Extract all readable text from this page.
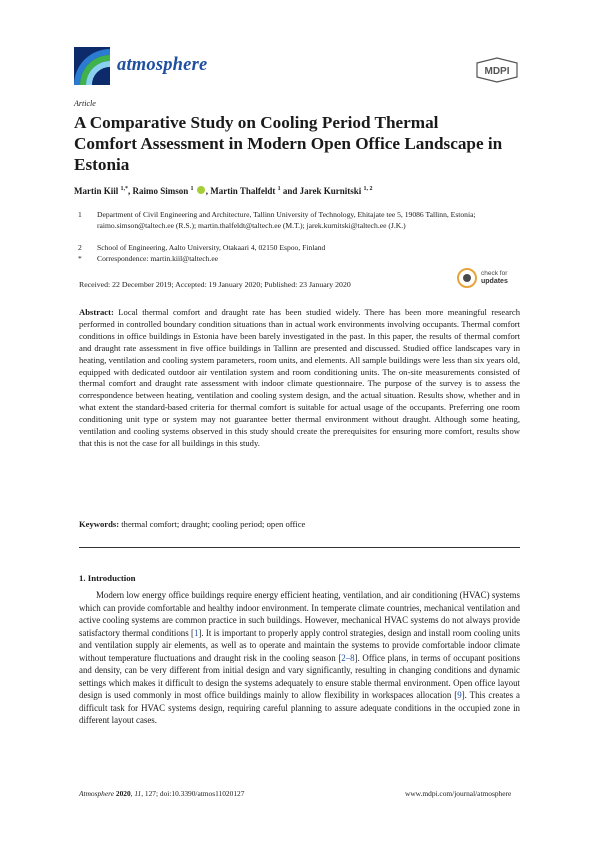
atmosphere	MDPI
Article
A Comparative Study on Cooling Period Thermal Comfort Assessment in Modern Open Office Landscape in Estonia
Martin Kiil $^{1,*}$, Raimo Simson $^1$ , Martin Thalfeldt $^1$ and Jarek Kurnitski $^{1, 2}$
1	Department of Civil Engineering and Architecture, Tallinn University of Technology, Ehitajate tee 5, 19086 Tallinn, Estonia; raimo.simson@taltech.ee (R.S.); martin.thalfeldt@taltech.ee (M.T.); jarek.kurnitski@taltech.ee (J.K.)
2	School of Engineering, Aalto University, Otakaari 4, 02150 Espoo, Finland
*	Correspondence: martin.kiil@taltech.ee
Received: 22 December 2019; Accepted: 19 January 2020; Published: 23 January 2020
check for
updates

Abstract: Local thermal comfort and draught rate has been studied widely. There has been more meaningful research performed in controlled boundary condition situations than in actual work environments involving occupants. Thermal comfort conditions in office buildings in Estonia have been barely investigated in the past. In this paper, the results of thermal comfort and draught rate assessment in five office buildings in Tallinn are presented and discussed. Studied office landscapes vary in heating, ventilation and cooling system parameters, room units, and elements. All sample buildings were less than six years old, equipped with dedicated outdoor air ventilation system and room conditioning units. The on-site measurements consisted of thermal comfort and draught rate assessment with indoor climate questionnaire. The purpose of the survey is to assess the correspondence between heating, ventilation and cooling system design, and the actual situation. Results show, whether and in what extent the standard-based criteria for thermal comfort is suitable for actual usage of the occupants. Preferring one room conditioning unit type or system may not guarantee better thermal environment without draught. Although some heating, ventilation and cooling systems observed in this study should create the prerequisites for ensuring more comfort, results show that this is not the case for all buildings in this study.

Keywords: thermal comfort; draught; cooling period; open office

1. Introduction

Modern low energy office buildings require energy efficient heating, ventilation, and air conditioning (HVAC) systems which can provide comfortable and healthy indoor environment. In temperate climate countries, mechanical ventilation and active cooling systems are common practice in such buildings. However, mechanical HVAC systems do not always provide satisfactory thermal conditions [1]. It is important to properly apply control strategies, design and install room cooling units and ventilation supply air elements, as well as to operate and maintain the systems to provide comfortable indoor climate without temperature fluctuations and draught risk in the cooling season [2–8]. Office plans, in terms of occupant positions and density, can be very different from initial design and vary significantly, resulting in changing conditions and dynamic settings which makes it difficult to design the systems adequately to ensure stable thermal environment. Open office layout design is used commonly in most office buildings mainly to allow flexibility in workspaces allocation [9]. This creates a difficult task for HVAC systems design, requiring careful planning to assure adequate conditions in the occupied zone in different layout cases.

Atmosphere 2020, 11, 127; doi:10.3390/atmos11020127	www.mdpi.com/journal/atmosphere
